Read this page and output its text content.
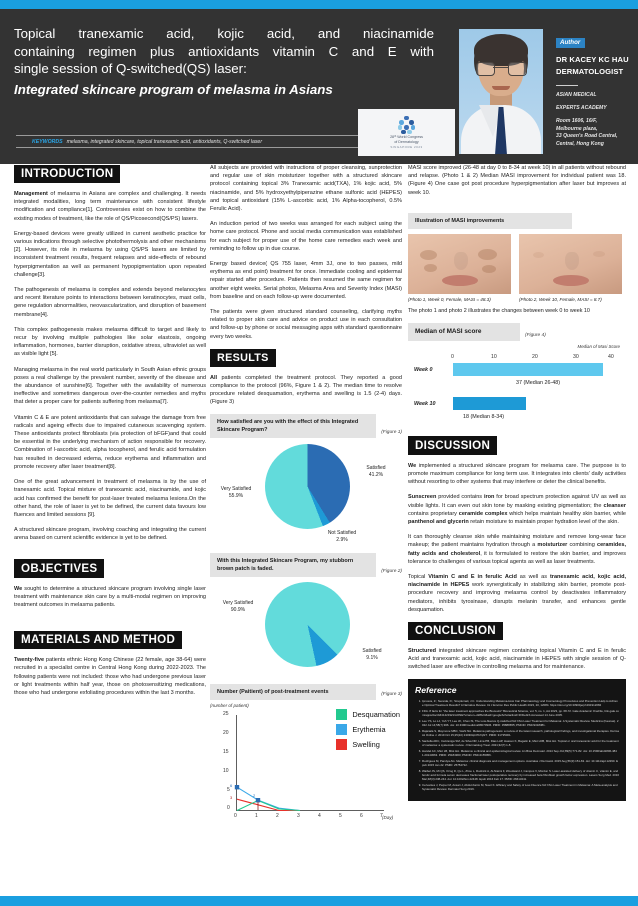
Topical tranexamic acid, kojic acid, and niacinamide
containing regimen plus antioxidants vitamin C and E with
single session of Q-switched(QS) laser:
Integrated skincare program of melasma in Asians
KEYWORDS melasma, integrated skincare, topical tranexamic acid, antioxidants, Q-switched laser
28ᵗʰ World Congress
of Dermatology
SINGAPORE 2023
Author
DR KACEY KC HAU
DERMATOLOGIST
ASIAN MEDICAL
EXPERTS ACADEMY
Room 1606, 16/F,
Melbourne plaza,
33 Queen's Road Central,
Central, Hong Kong
INTRODUCTION

Management of melasma in Asians are complex and challenging. It needs integrated modalities, long term maintenance with consistent lifestyle modification and compliance[1]. Controversies exist on how to combine the existing modes of treatment, like the role of QS/Picosecond(QS/PS) lasers.

Energy-based devices were greatly utilized in current aesthetic practice for various indications through selective photothermolysis and other mechanisms [2]. However, its role in melasma by using QS/PS lasers are limited by inconsistent treatment results, frequent relapses and side-effects of rebound hyperpigmentation as well as permanent hypopigmentation upon repeated challenge[3].

The pathogenesis of melasma is complex and extends beyond melanocytes and recent literature points to interactions between keratinocytes, mast cells, gene regulation abnormalities, neovascularization, and disruption of basement membrane[4].

This complex pathogenesis makes melasma difficult to target and likely to recur by involving multiple pathologies like solar elastosis, ongoing inflammation, hormones, barrier disruption, oxidative stress, ultraviolet as well as visible light [5].

Managing melasma in the real world particularly in South Asian ethnic groups poses a real challenge by the prevalent number, severity of the disease and the abundance of sunshine[6]. Together with the availability of numerous ineffective and sometimes dangerous over-the-counter remedies and myths that deter a proper care for patients suffering from melasma[7].

Vitamin C & E are potent antioxidants that can salvage the damage from free radicals and ageing effects due to impaired cutaneous scavenging system. These antioxidants protect fibroblasts (via protection of bFGF)and that could be essential in the underlying mechanism of action responsible for recovery. Combination of l-ascorbic acid, alpha tocopherol, and ferulic acid formulation has resulted in decreased edema, reduce erythema and inflammation and promote recovery after laser treatment[8].

One of the great advancement in treatment of melasma is by the use of tranexamic acid. Topical mixture of tranexamic acid, niacinamide, and kojic acid has confirmed the benefit for post-laser treated melasma lesions.On the other hand, the role of laser is yet to be defined, the current data favours low fluences and limited sessions [9].

A structured skincare program, involving coaching and integrating the current arena based on current scientific evidence is yet to be defined.

OBJECTIVES

We sought to determine a structured skincare program involving single laser treatment with maintenance skin care by a multi-modal regimen on improving treatment outcomes in melasma patients.

MATERIALS AND METHOD

Twenty-five patients ethnic Hong Kong Chinese (22 female, age 38-64) were recruited in a specialist centre in Central Hong Kong during 2022-2023. The following patients were not included: those who had undergone previous laser or light treatments within half year, those on photosensitizing medications, those who had undergone exfoliating procedures within the last 3 months.

All subjects are provided with instructions of proper cleansing, sunprotection and regular use of skin moisturizer together with a structured skincare protocol containing topical 3% Tranexamic acid(TXA), 1% kojic acid, 5% niacinamide, and 5% hydroxyethylpiperazine ethane sulfonic acid (HEPES) and topical antioxidant (15% L-ascorbic acid, 1% Alpha-tocopherol, 0.5% Ferulic Acid).

An induction period of two weeks was arranged for each subject using the home care protocol. Phone and social media communication was established for each subject for proper use of the home care remedies each week and reminding to follow up in due course.

Energy based device( QS 755 laser, 4mm 3J, one to two passes, mild erythema as end point) treatment for once. Immediate cooling and epidermal repair started after procedure. Patients then resumed the same regimen for another eight weeks. Serial photos, Melasma Area and Severity Index (MASI) from baseline and on each follow-up were documented.

The patients were given structured standard counseling, clarifying myths related to proper skin care and advice on product use in each consultation and follow-up by phone or social messaging apps with standard questionnaire every two weeks.

RESULTS

All patients completed the treatment protocol. They reported a good compliance to the protocol (96%, Figure 1 & 2). The median time to resolve procedure related desquamation, erythema and swelling is 1.5 (2-4) days. (Figure 3)

How satisfied are you with the effect of this Integrated Skincare Program?	(Figure 1)
Satisfied
41.2%
Very Satisfied
55.9%
Not Satisfied
2.9%
With this Integrated Skincare Program, my stubborn brown patch is faded.	(Figure 2)
Very Satisfied
90.9%
Satisfied
9.1%
Number (Paitient) of post-treatment events	(Figure 3)
(number of patient)
(Day)
25
20
15
10
5
0
0	1	2	3	4	5	6	7
6
3	2
Desquamation
Erythemia
Swelling

MASI score improved (26-48 at day 0 to 8-34 at week 10) in all patients without rebound and relapse. (Photo 1 & 2) Median MASI improvement for individual patient was 18. (Figure 4) One case got post procedure hyperpigmentation after laser but improves at week 10.

Illustration of MASI improvements
(Photo 1, Week 0, Female, MASI = 48.3)	(Photo 2, Week 10, Female, MASI = 8.7)
The photo 1 and photo 2 illustrates the changes between week 0 to week 10
Median of MASI score
(Figure 4)
Median of Masi Score
0	10	20	30	40
Week 0
37 (Median 26-48)
Week 10
18 (Median 8-34)
DISCUSSION

We implemented a structured skincare program for melasma care. The purpose is to promote maximum compliance for long term use. It integrates into clients' daily activities without resorting to other systems that may interfere or deter the clinical benefits.

Sunscreen provided contains iron for broad spectrum protection against UV as well as visible lights. It can even out skin tone by masking existing pigmentation; the cleanser contains proprietary ceramide complex which helps maintain healthy skin barrier, while panthenol and glycerin retain moisture to maintain proper hydration level of the skin.

It can thoroughly cleanse skin while maintaining moisture and remove long-wear face makeup; the patient maintains hydration through a moisturizer combining ceramides, fatty acids and cholesterol, it is formulated to restore the skin barrier, and improves tolerance to challenges of various topical agents as well as laser treatments.

Topical Vitamin C and E in ferulic Acid as well as tranexamic acid, kojic acid, niacinamide in HEPES work synergistically in stabilizing skin barrier, promote post-procedure recovery and improving melasma control by deactivates inflammatory mediators, inhibits tyrosinase, disrupts melanin transfer, and enhances gentle desquamation.

CONCLUSION

Structured integrated skincare regimen containing topical Vitamin C and E in ferulic Acid and tranexamic acid, kojic acid, niacinamide in HEPES with single session of Q-switched laser are effective in controlling melasma and for maintenance.

Reference
1. Ipnosca, Z.; Nereida, D.; Szeplemati, J.C. Understanding Melasma-How Can Pharmacology and Cosmetology Procedures and Prevention Help to Achieve Optimal Treatment Results? A Narrative Review. Int J Environ Res Public Health 2023, 20, 12084. https://doi.org/10.3390/ijerph191912084
2. FDA. 8 facts for "the laser treatment approaches the Bioceutic" Bioceutical Science, vol. 5, no. 1, AA 2023, pp. 68-72. Gale Academic OneFile, link.gale.com/apps/doc/A641421921/AONE?u=anon~d28bc3&sid=googleScholar&xid=3Obe0cb Accessed 14 June 2005.
3. Lee YS, Lo LJ, Yeh YT, Lee JK, Chen IS, The Low-fluence Q-switched Nd:YAG Laser Treatment for Melasma: A Systematic Review. Medicina (Kaunas). 2022 Jul 14;58(7):936. doi: 10.3390/medicina58070936. PMID: 35888655; PMCID: PMC9318381.
4. Rajanala S, Maymone MBC, Vashi NA. Melasma pathogenesis: a review of the latest research, pathological findings, and investigational therapies. Dermatol Online J. 2019 Oct 15;25(10):13030/qt47b7q6r7. PMID: 31735001.
5. Sardella ADC, Cazzaniga SM, de Silva DR, Lima PB, Dias LAP, Hassun K, Bagatin E, Miot LDB, Miot HA. Topical or oral tranexamic acid for the treatment of melasma: a systematic review. J Dermatolog Treat. 2021;32(7):1-8.
6. Handel AC, Miot LB, Miot HA. Melasma: a clinical and epidemiological review. An Bras Dermatol. 2014 Sep-Oct;89(5):771-82. doi: 10.1590/abd1806-4841.20143063. PMID: 25184960; PMCID: PMC4155956.
7. Rodrigues M, Pandya AG. Melasma: clinical diagnosis and management options. Australas J Dermatol. 2015 Aug;56(3):151-63. doi: 10.1111/ajd.12290. Epub 2015 Jan 22. PMID: 25754722.
8. Waibel JS, Mi QS, Ozog D, Qu L, Zhou L, Rudnick A, Al-Niaimi F, Woodward J, Campos V, Mordon S. Laser-assisted delivery of vitamin C, vitamin E, and ferulic acid formula serum decreases fractional laser postoperative recovery by increased beta fibroblast growth factor expression. Lasers Surg Med. 2016 Mar;48(3):238-244. doi: 10.1002/lsm.22448. Epub 2016 Feb 17. PMID: 26613241.
9. Cervantes J, Perper M, Ansari J, Abdul-Karim M, Nouri K. Efficacy and Safety of Low-Fluence Nd:YAG Laser Treatment in Melasma: A Meta-analysis and Systematic Review. Dermatol Surg 2019.
